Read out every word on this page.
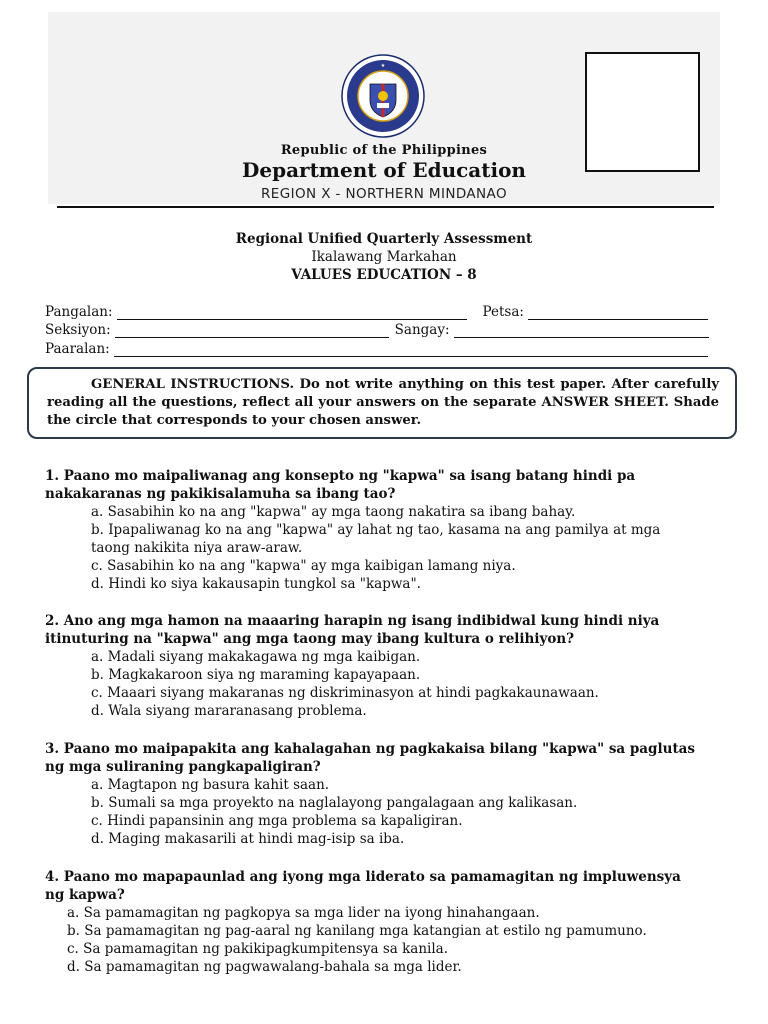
★
Republic of the Philippines
Department of Education
REGION X - NORTHERN MINDANAO
Regional Unified Quarterly Assessment
Ikalawang Markahan
VALUES EDUCATION – 8
Pangalan:	Petsa:
Seksiyon:	Sangay:
Paaralan:
GENERAL INSTRUCTIONS. Do not write anything on this test paper. After carefully reading all the questions, reflect all your answers on the separate ANSWER SHEET. Shade the circle that corresponds to your chosen answer.
1. Paano mo maipaliwanag ang konsepto ng "kapwa" sa isang batang hindi pa
nakakaranas ng pakikisalamuha sa ibang tao?
a. Sasabihin ko na ang "kapwa" ay mga taong nakatira sa ibang bahay.
b. Ipapaliwanag ko na ang "kapwa" ay lahat ng tao, kasama na ang pamilya at mga
taong nakikita niya araw-araw.
c. Sasabihin ko na ang "kapwa" ay mga kaibigan lamang niya.
d. Hindi ko siya kakausapin tungkol sa "kapwa".
2. Ano ang mga hamon na maaaring harapin ng isang indibidwal kung hindi niya
itinuturing na "kapwa" ang mga taong may ibang kultura o relihiyon?
a. Madali siyang makakagawa ng mga kaibigan.
b. Magkakaroon siya ng maraming kapayapaan.
c. Maaari siyang makaranas ng diskriminasyon at hindi pagkakaunawaan.
d. Wala siyang mararanasang problema.
3. Paano mo maipapakita ang kahalagahan ng pagkakaisa bilang "kapwa" sa paglutas
ng mga suliraning pangkapaligiran?
a. Magtapon ng basura kahit saan.
b. Sumali sa mga proyekto na naglalayong pangalagaan ang kalikasan.
c. Hindi papansinin ang mga problema sa kapaligiran.
d. Maging makasarili at hindi mag-isip sa iba.
4. Paano mo mapapaunlad ang iyong mga liderato sa pamamagitan ng impluwensya
ng kapwa?
a. Sa pamamagitan ng pagkopya sa mga lider na iyong hinahangaan.
b. Sa pamamagitan ng pag-aaral ng kanilang mga katangian at estilo ng pamumuno.
c. Sa pamamagitan ng pakikipagkumpitensya sa kanila.
d. Sa pamamagitan ng pagwawalang-bahala sa mga lider.
